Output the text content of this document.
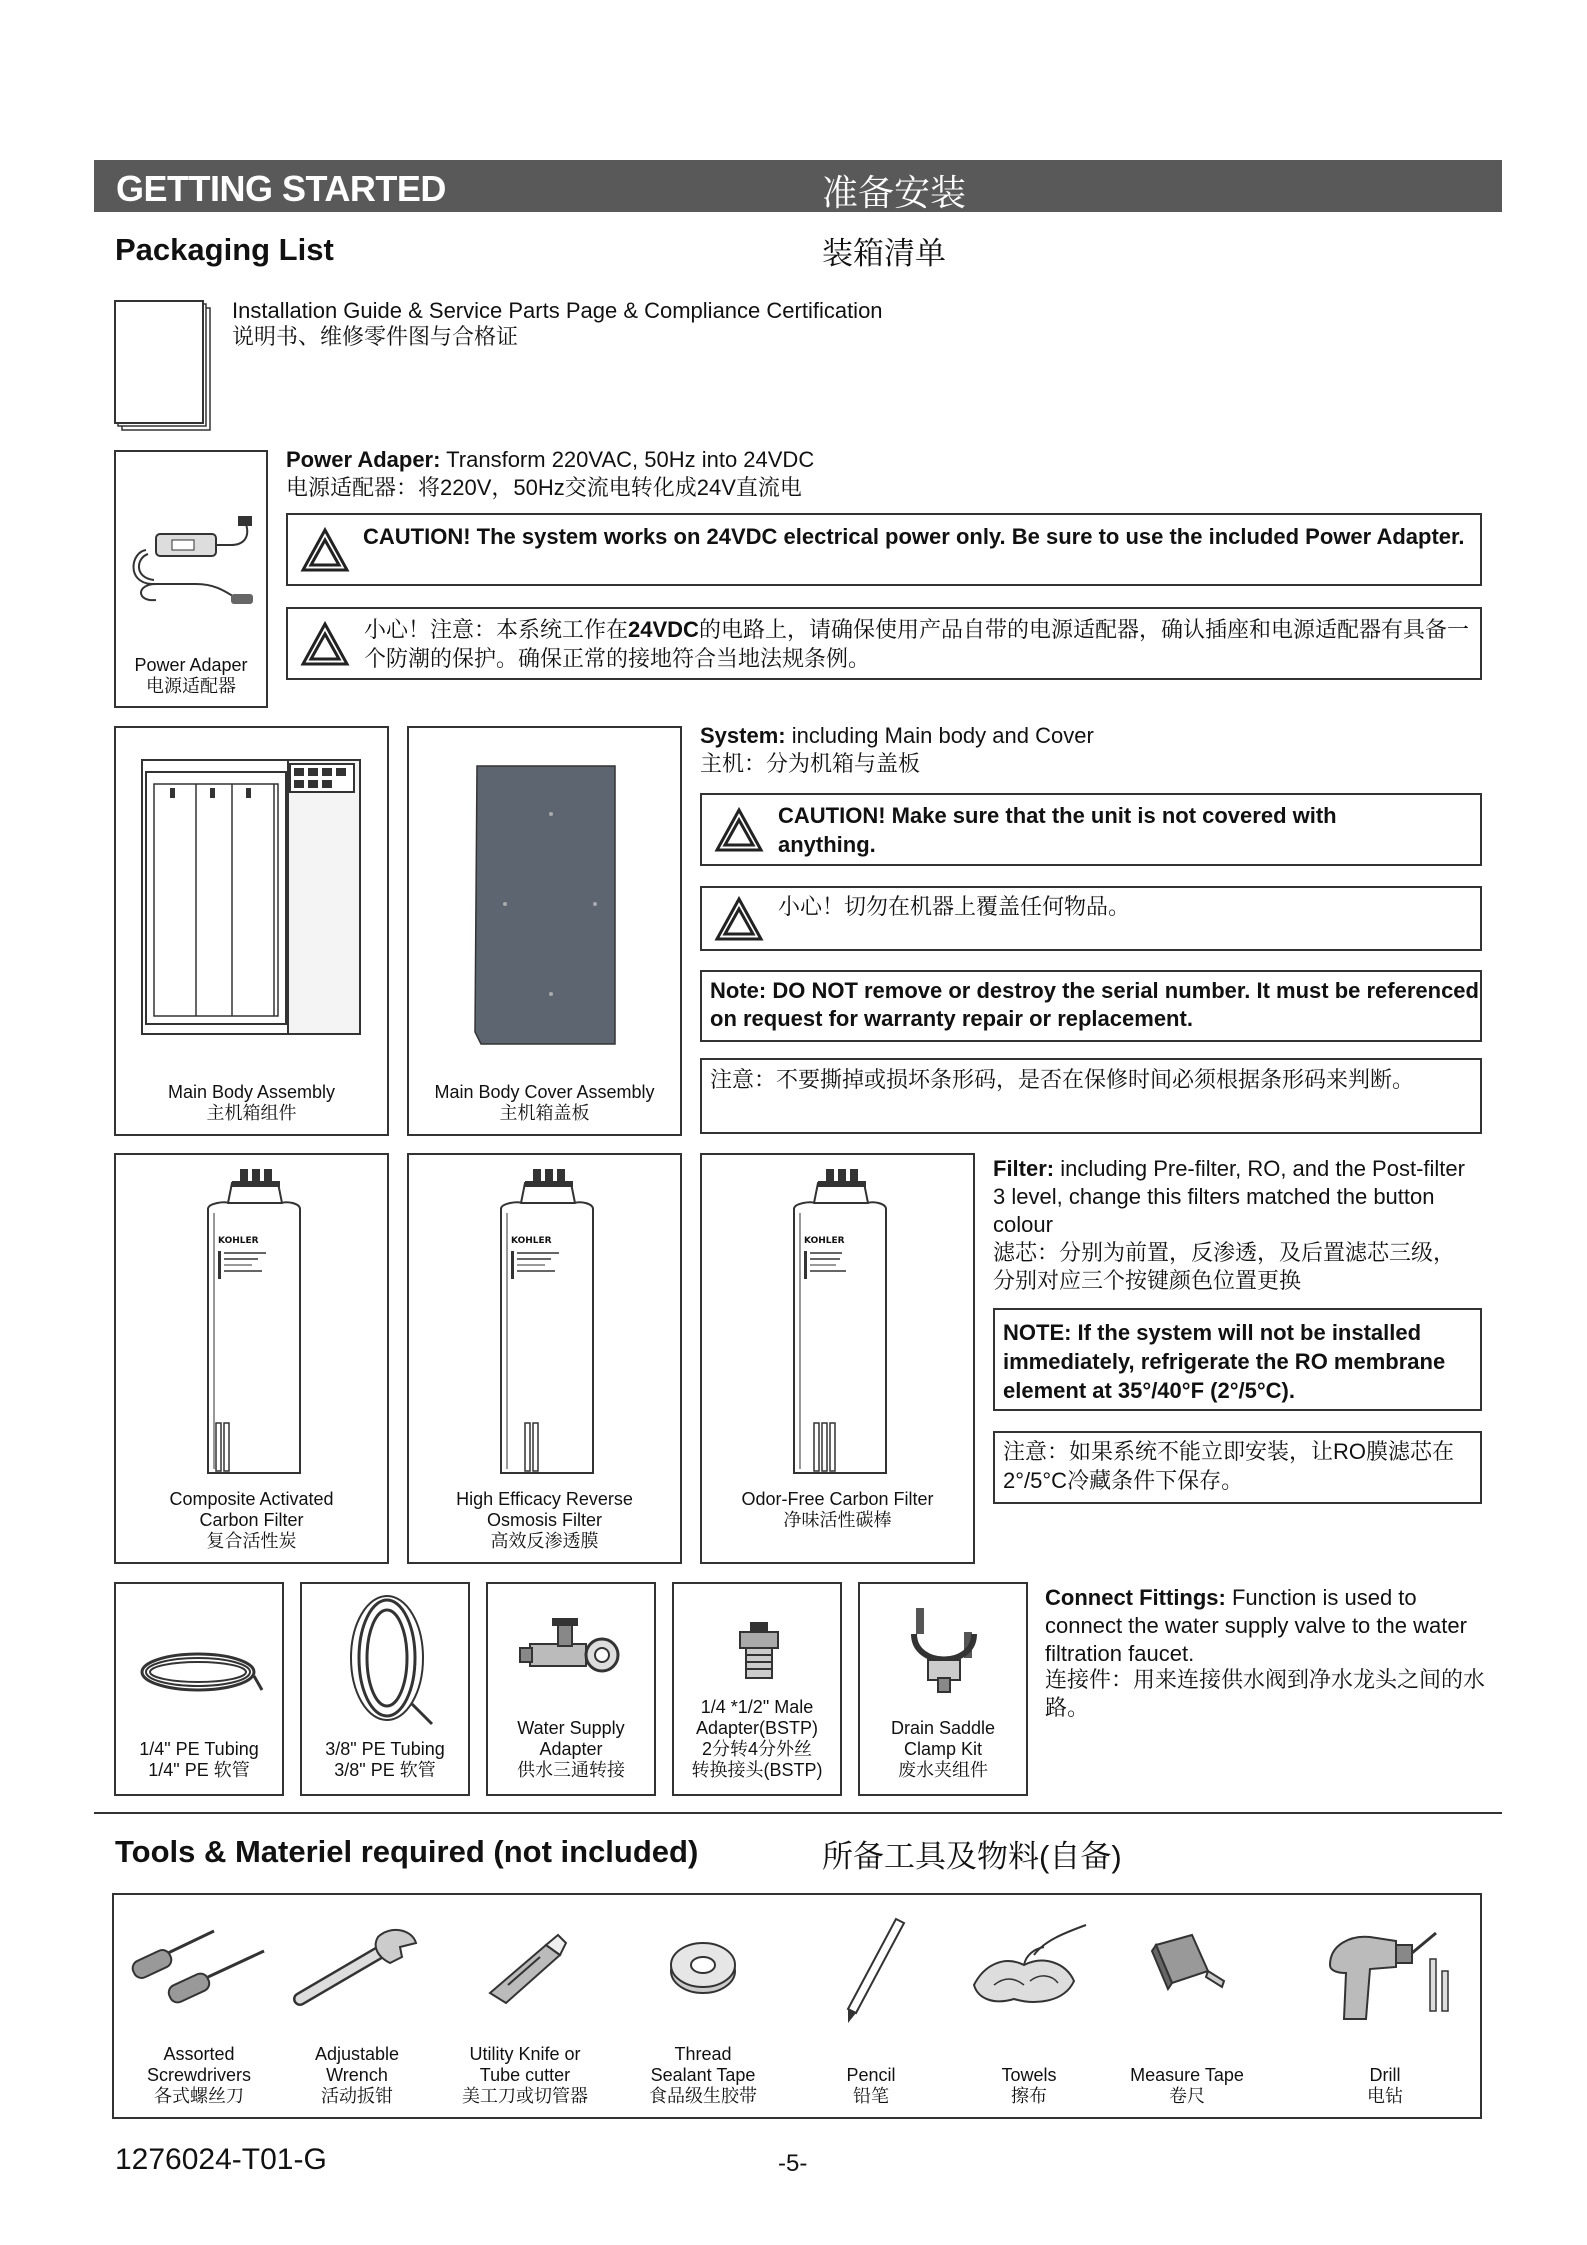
GETTING STARTED	准备安装
Packaging List	装箱清单
Installation Guide & Service Parts Page & Compliance Certification
说明书、维修零件图与合格证
Power Adaper
电源适配器
Power Adaper: Transform 220VAC, 50Hz into 24VDC
电源适配器：将220V，50Hz交流电转化成24V直流电
CAUTION! The system works on 24VDC electrical power only. Be sure to use the included Power Adapter.
小心！注意：本系统工作在24VDC的电路上，请确保使用产品自带的电源适配器，确认插座和电源适配器有具备一个防潮的保护。确保正常的接地符合当地法规条例。
Main Body Assembly
主机箱组件
Main Body Cover Assembly
主机箱盖板
System: including Main body and Cover
主机：分为机箱与盖板
CAUTION! Make sure that the unit is not covered with anything.
小心！切勿在机器上覆盖任何物品。
Note: DO NOT remove or destroy the serial number. It must be referenced on request for warranty repair or replacement.
注意：不要撕掉或损坏条形码，是否在保修时间必须根据条形码来判断。
KOHLER
Composite Activated
Carbon Filter
复合活性炭
KOHLER
High Efficacy Reverse
Osmosis Filter
高效反渗透膜
KOHLER
Odor-Free Carbon Filter
净味活性碳棒
Filter: including Pre-filter, RO, and the Post-filter 3 level, change this filters matched the button colour
滤芯：分别为前置，反渗透，及后置滤芯三级，分别对应三个按键颜色位置更换
NOTE: If the system will not be installed immediately, refrigerate the RO membrane element at 35°/40°F (2°/5°C).
注意：如果系统不能立即安装，让RO膜滤芯在2°/5°C冷藏条件下保存。
1/4" PE Tubing
1/4" PE 软管
3/8" PE Tubing
3/8" PE 软管
Water Supply
Adapter
供水三通转接
1/4 *1/2" Male
Adapter(BSTP)
2分转4分外丝
转换接头(BSTP)
Drain Saddle
Clamp Kit
废水夹组件
Connect Fittings: Function is used to connect the water supply valve to the water filtration faucet.
连接件：用来连接供水阀到净水龙头之间的水路。
Tools & Materiel required (not included)	所备工具及物料(自备)
Assorted
Screwdrivers
各式螺丝刀
Adjustable
Wrench
活动扳钳
Utility Knife or
Tube cutter
美工刀或切管器
Thread
Sealant Tape
食品级生胶带
Pencil
铅笔
Towels
擦布
Measure Tape
卷尺
Drill
电钻
1276024-T01-G	-5-
